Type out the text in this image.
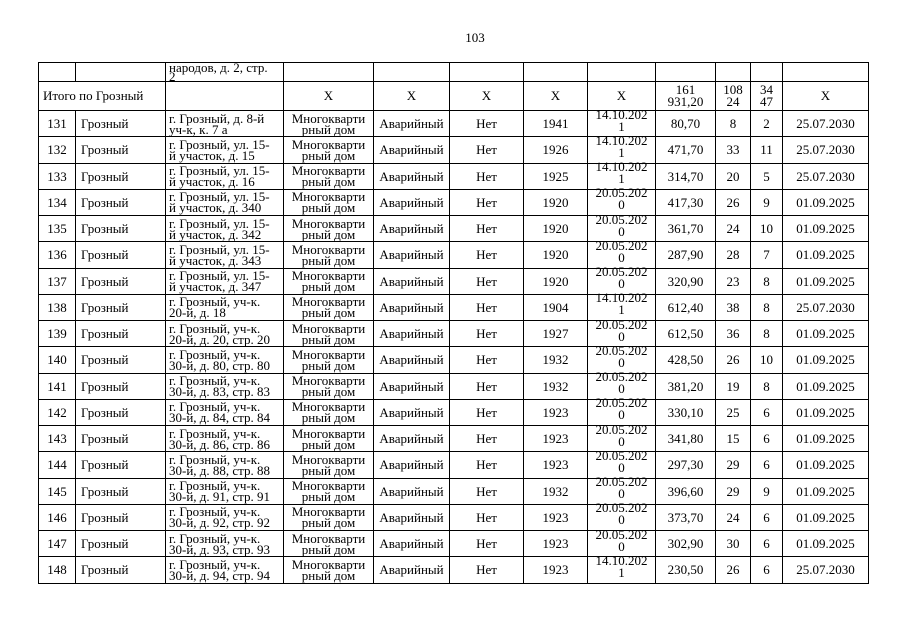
103

		народов, д. 2, стр. 2									

Итого по Грозный			X	X	X	X	X	161 931,20	10824	3447	X

131	Грозный	г. Грозный, д. 8-й уч-к, к. 7 а	Многоквартирный дом	Аварийный	Нет	1941	14.10.2021	80,70	8	2	25.07.2030

132	Грозный	г. Грозный, ул. 15-й участок, д. 15	Многоквартирный дом	Аварийный	Нет	1926	14.10.2021	471,70	33	11	25.07.2030

133	Грозный	г. Грозный, ул. 15-й участок, д. 16	Многоквартирный дом	Аварийный	Нет	1925	14.10.2021	314,70	20	5	25.07.2030

134	Грозный	г. Грозный, ул. 15-й участок, д. 340	Многоквартирный дом	Аварийный	Нет	1920	20.05.2020	417,30	26	9	01.09.2025

135	Грозный	г. Грозный, ул. 15-й участок, д. 342	Многоквартирный дом	Аварийный	Нет	1920	20.05.2020	361,70	24	10	01.09.2025

136	Грозный	г. Грозный, ул. 15-й участок, д. 343	Многоквартирный дом	Аварийный	Нет	1920	20.05.2020	287,90	28	7	01.09.2025

137	Грозный	г. Грозный, ул. 15-й участок, д. 347	Многоквартирный дом	Аварийный	Нет	1920	20.05.2020	320,90	23	8	01.09.2025

138	Грозный	г. Грозный, уч-к. 20-й, д. 18	Многоквартирный дом	Аварийный	Нет	1904	14.10.2021	612,40	38	8	25.07.2030

139	Грозный	г. Грозный, уч-к. 20-й, д. 20, стр. 20	Многоквартирный дом	Аварийный	Нет	1927	20.05.2020	612,50	36	8	01.09.2025

140	Грозный	г. Грозный, уч-к. 30-й, д. 80, стр. 80	Многоквартирный дом	Аварийный	Нет	1932	20.05.2020	428,50	26	10	01.09.2025

141	Грозный	г. Грозный, уч-к. 30-й, д. 83, стр. 83	Многоквартирный дом	Аварийный	Нет	1932	20.05.2020	381,20	19	8	01.09.2025

142	Грозный	г. Грозный, уч-к. 30-й, д. 84, стр. 84	Многоквартирный дом	Аварийный	Нет	1923	20.05.2020	330,10	25	6	01.09.2025

143	Грозный	г. Грозный, уч-к. 30-й, д. 86, стр. 86	Многоквартирный дом	Аварийный	Нет	1923	20.05.2020	341,80	15	6	01.09.2025

144	Грозный	г. Грозный, уч-к. 30-й, д. 88, стр. 88	Многоквартирный дом	Аварийный	Нет	1923	20.05.2020	297,30	29	6	01.09.2025

145	Грозный	г. Грозный, уч-к. 30-й, д. 91, стр. 91	Многоквартирный дом	Аварийный	Нет	1932	20.05.2020	396,60	29	9	01.09.2025

146	Грозный	г. Грозный, уч-к. 30-й, д. 92, стр. 92	Многоквартирный дом	Аварийный	Нет	1923	20.05.2020	373,70	24	6	01.09.2025

147	Грозный	г. Грозный, уч-к. 30-й, д. 93, стр. 93	Многоквартирный дом	Аварийный	Нет	1923	20.05.2020	302,90	30	6	01.09.2025

148	Грозный	г. Грозный, уч-к. 30-й, д. 94, стр. 94	Многоквартирный дом	Аварийный	Нет	1923	14.10.2021	230,50	26	6	25.07.2030
